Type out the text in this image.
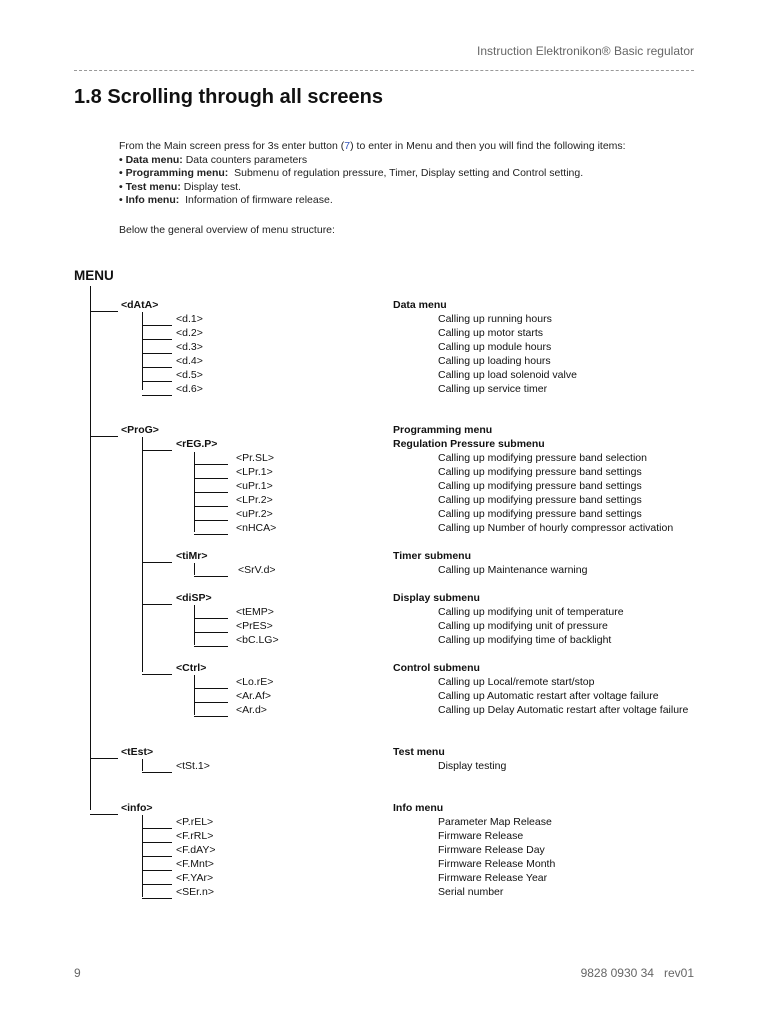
Instruction Elektronikon® Basic regulator
1.8 Scrolling through all screens
From the Main screen press for 3s enter button (7) to enter in Menu and then you will find the following items:
• Data menu: Data counters parameters
• Programming menu:  Submenu of regulation pressure, Timer, Display setting and Control setting.
• Test menu: Display test.
• Info menu:  Information of firmware release.
Below the general overview of menu structure:
MENU
<dAtA>	Data menu
<d.1>	Calling up running hours
<d.2>	Calling up motor starts
<d.3>	Calling up module hours
<d.4>	Calling up loading hours
<d.5>	Calling up load solenoid valve
<d.6>	Calling up service timer
<ProG>	Programming menu
<rEG.P>	Regulation Pressure submenu
<Pr.SL>	Calling up modifying pressure band selection
<LPr.1>	Calling up modifying pressure band settings
<uPr.1>	Calling up modifying pressure band settings
<LPr.2>	Calling up modifying pressure band settings
<uPr.2>	Calling up modifying pressure band settings
<nHCA>	Calling up Number of hourly compressor activation
<tiMr>	Timer submenu
<SrV.d>	Calling up Maintenance warning
<diSP>	Display submenu
<tEMP>	Calling up modifying unit of temperature
<PrES>	Calling up modifying unit of pressure
<bC.LG>	Calling up modifying time of backlight
<Ctrl>	Control submenu
<Lo.rE>	Calling up Local/remote start/stop
<Ar.Af>	Calling up Automatic restart after voltage failure
<Ar.d>	Calling up Delay Automatic restart after voltage failure
<tEst>	Test menu
<tSt.1>	Display testing
<info>	Info menu
<P.rEL>	Parameter Map Release
<F.rRL>	Firmware Release
<F.dAY>	Firmware Release Day
<F.Mnt>	Firmware Release Month
<F.YAr>	Firmware Release Year
<SEr.n>	Serial number
9	9828 0930 34   rev01
